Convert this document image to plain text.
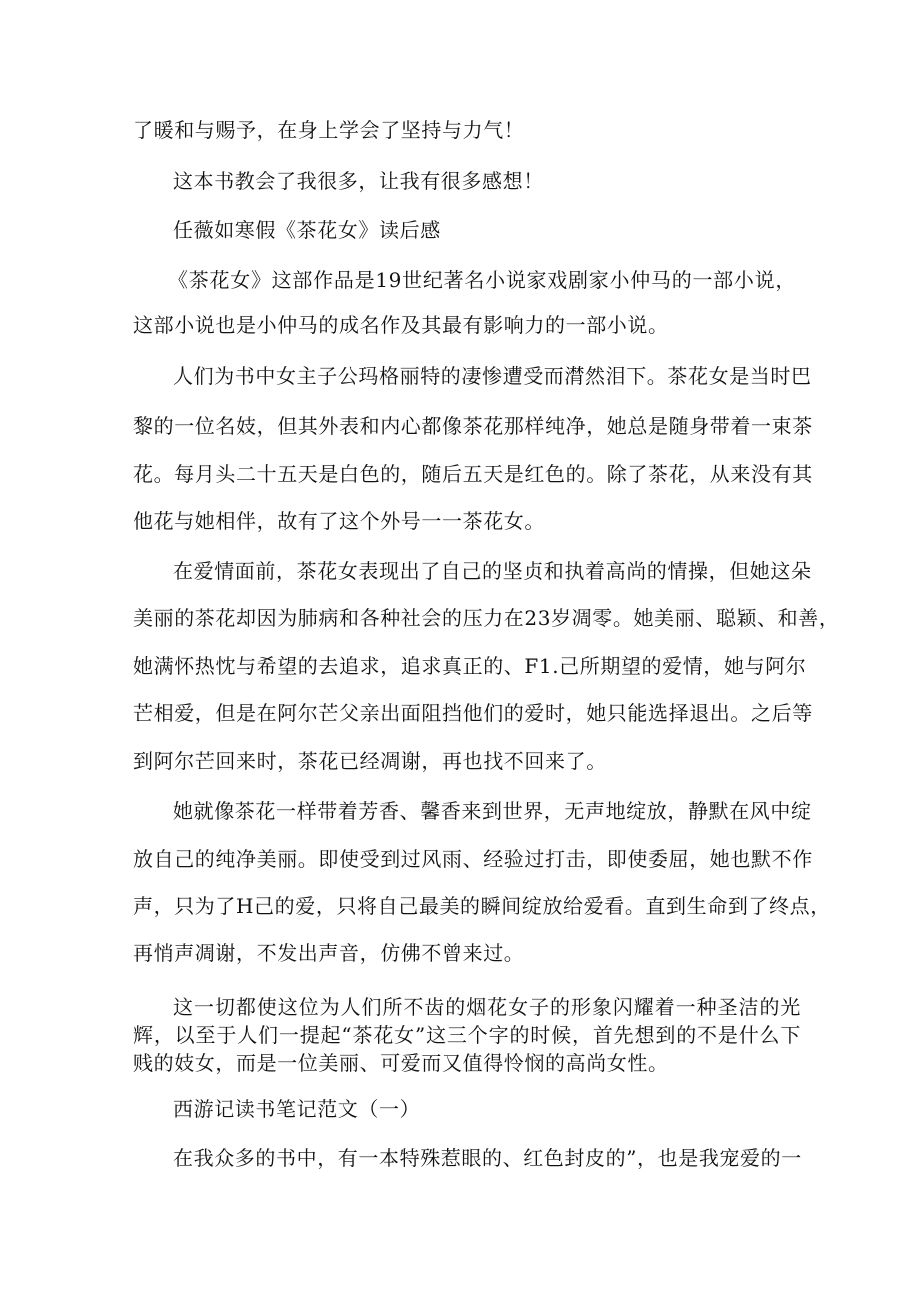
了暖和与赐予，在身上学会了坚持与力气！
这本书教会了我很多，让我有很多感想！
任薇如寒假《茶花女》读后感
《茶花女》这部作品是19世纪著名小说家戏剧家小仲马的一部小说，
这部小说也是小仲马的成名作及其最有影响力的一部小说。
人们为书中女主子公玛格丽特的凄惨遭受而潸然泪下。茶花女是当时巴
黎的一位名妓，但其外表和内心都像茶花那样纯净，她总是随身带着一束茶
花。每月头二十五天是白色的，随后五天是红色的。除了茶花，从来没有其
他花与她相伴，故有了这个外号一一茶花女。
在爱情面前，茶花女表现出了自己的坚贞和执着高尚的情操，但她这朵
美丽的茶花却因为肺病和各种社会的压力在23岁凋零。她美丽、聪颖、和善，
她满怀热忱与希望的去追求，追求真正的、F1.己所期望的爱情，她与阿尔
芒相爱，但是在阿尔芒父亲出面阻挡他们的爱时，她只能选择退出。之后等
到阿尔芒回来时，茶花已经凋谢，再也找不回来了。
她就像茶花一样带着芳香、馨香来到世界，无声地绽放，静默在风中绽
放自己的纯净美丽。即使受到过风雨、经验过打击，即使委屈，她也默不作
声，只为了H己的爱，只将自己最美的瞬间绽放给爱看。直到生命到了终点，
再悄声凋谢，不发出声音，仿佛不曾来过。
这一切都使这位为人们所不齿的烟花女子的形象闪耀着一种圣洁的光
辉，以至于人们一提起“茶花女”这三个字的时候，首先想到的不是什么下
贱的妓女，而是一位美丽、可爱而又值得怜悯的高尚女性。
西游记读书笔记范文（一）
在我众多的书中，有一本特殊惹眼的、红色封皮的”，也是我宠爱的一
